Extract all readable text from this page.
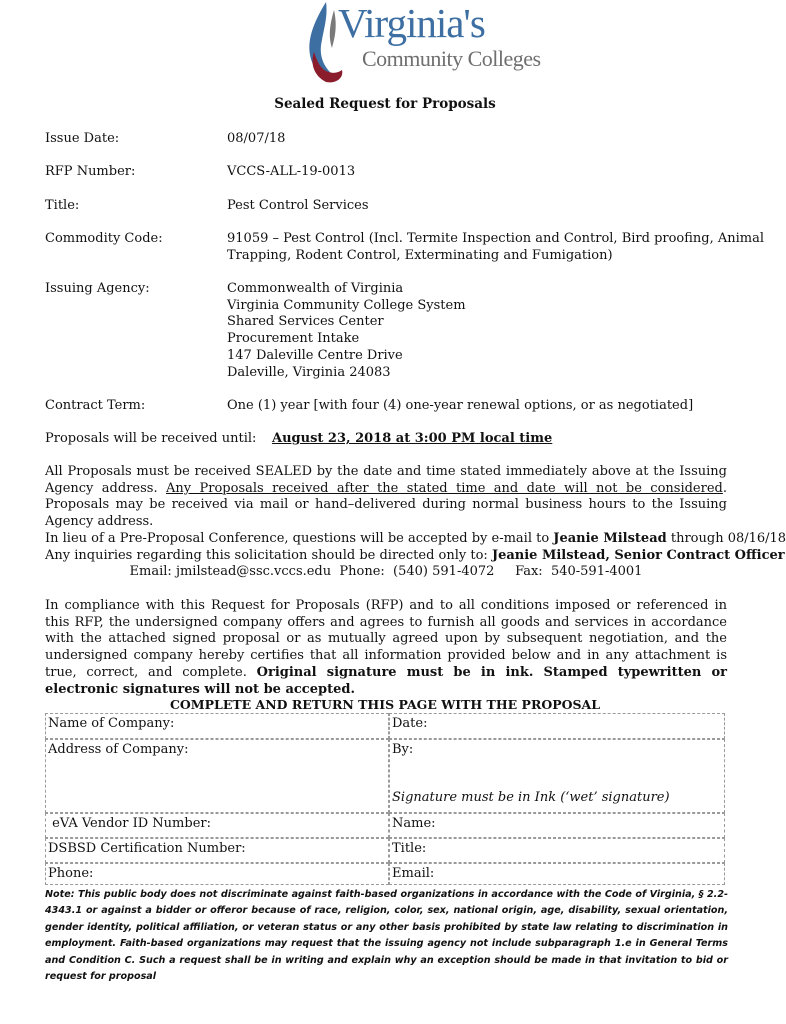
Virginia's
Community Colleges
Sealed Request for Proposals
Issue Date:	08/07/18
RFP Number:	VCCS-ALL-19-0013
Title:	Pest Control Services
Commodity Code:	91059 – Pest Control (Incl. Termite Inspection and Control, Bird proofing, Animal
Trapping, Rodent Control, Exterminating and Fumigation)
Issuing Agency:	Commonwealth of Virginia
Virginia Community College System
Shared Services Center
Procurement Intake
147 Daleville Centre Drive
Daleville, Virginia 24083
Contract Term:	One (1) year [with four (4) one-year renewal options, or as negotiated]
Proposals will be received until: August 23, 2018 at 3:00 PM local time
All Proposals must be received SEALED by the date and time stated immediately above at the Issuing Agency address. Any Proposals received after the stated time and date will not be considered. Proposals may be received via mail or hand–delivered during normal business hours to the Issuing Agency address.
In lieu of a Pre-Proposal Conference, questions will be accepted by e-mail to Jeanie Milstead through 08/16/18
Any inquiries regarding this solicitation should be directed only to: Jeanie Milstead, Senior Contract Officer
Email: jmilstead@ssc.vccs.edu  Phone:  (540) 591-4072     Fax:  540-591-4001
In compliance with this Request for Proposals (RFP) and to all conditions imposed or referenced in this RFP, the undersigned company offers and agrees to furnish all goods and services in accordance with the attached signed proposal or as mutually agreed upon by subsequent negotiation, and the undersigned company hereby certifies that all information provided below and in any attachment is true, correct, and complete. Original signature must be in ink. Stamped typewritten or electronic signatures will not be accepted.
COMPLETE AND RETURN THIS PAGE WITH THE PROPOSAL
Name of Company:	Date:
Address of Company:	By:
Signature must be in Ink (‘wet’ signature)
eVA Vendor ID Number:	Name:
DSBSD Certification Number:	Title:
Phone:	Email:
Note: This public body does not discriminate against faith-based organizations in accordance with the Code of Virginia, § 2.2-4343.1 or against a bidder or offeror because of race, religion, color, sex, national origin, age, disability, sexual orientation, gender identity, political affiliation, or veteran status or any other basis prohibited by state law relating to discrimination in employment. Faith-based organizations may request that the issuing agency not include subparagraph 1.e in General Terms and Condition C. Such a request shall be in writing and explain why an exception should be made in that invitation to bid or request for proposal
